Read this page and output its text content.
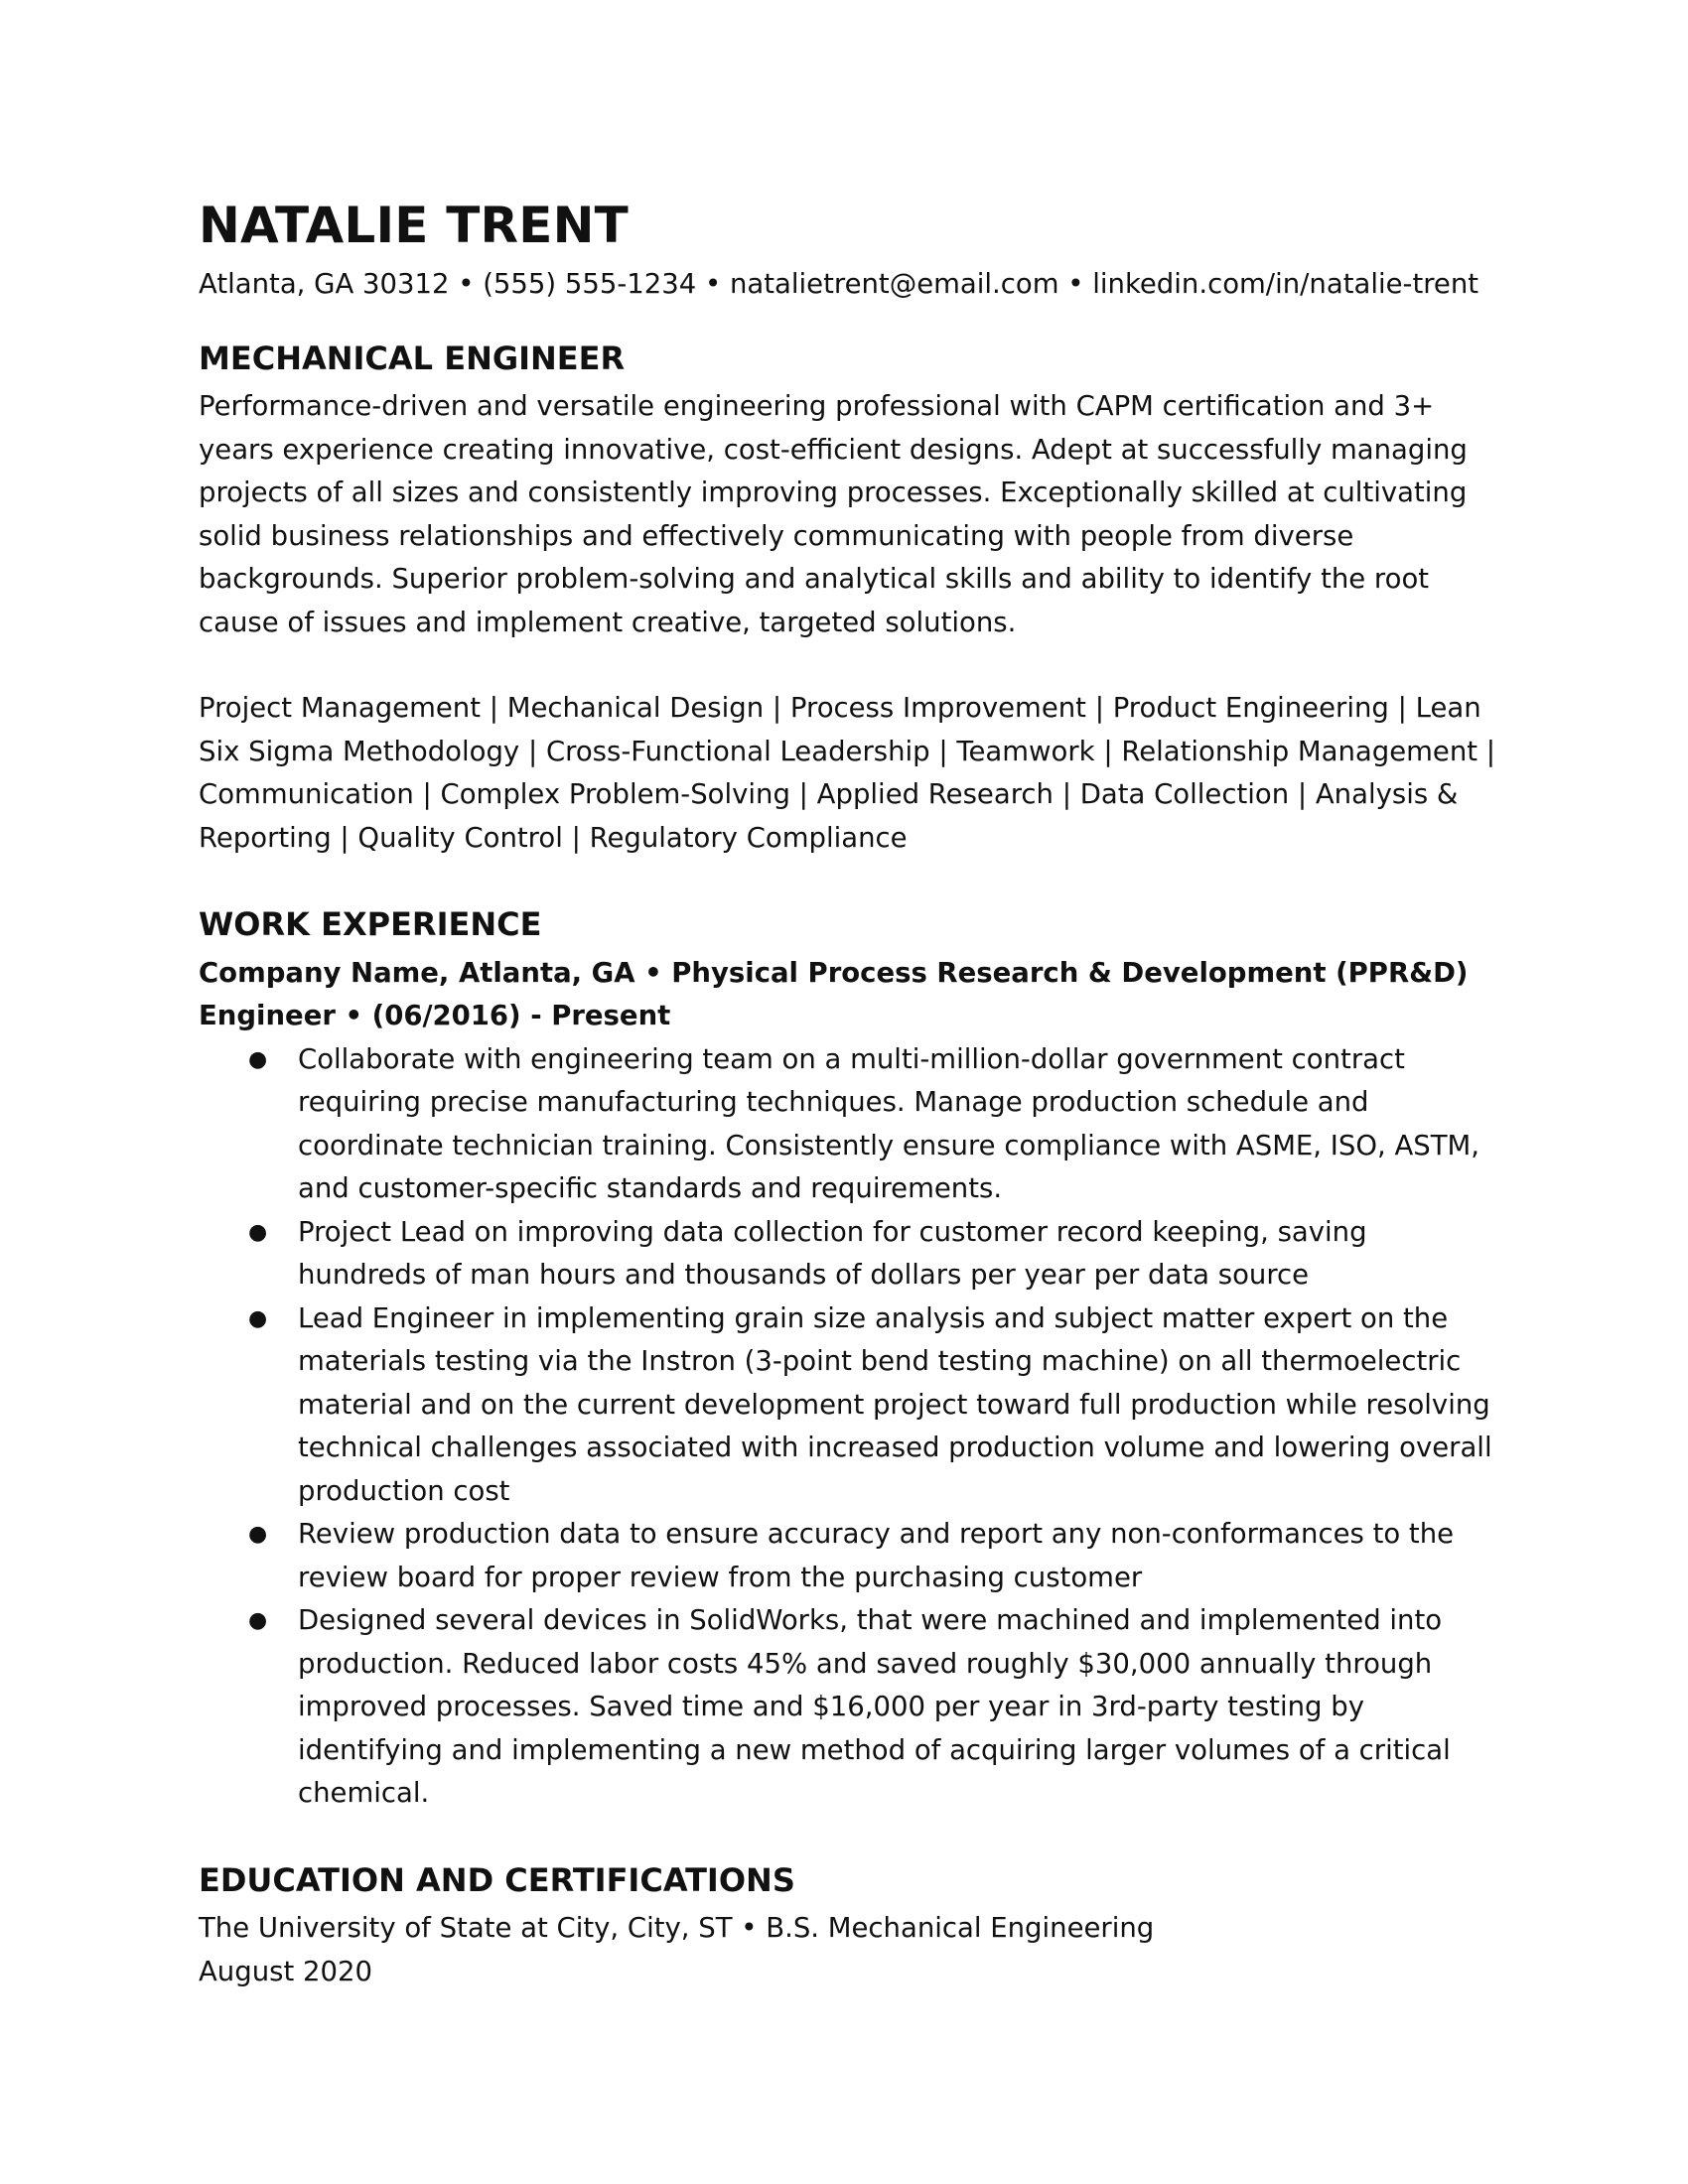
NATALIE TRENT
Atlanta, GA 30312 • (555) 555-1234 • natalietrent@email.com • linkedin.com/in/natalie-trent
MECHANICAL ENGINEER

Performance-driven and versatile engineering professional with CAPM certification and 3+ years experience creating innovative, cost-efficient designs. Adept at successfully managing projects of all sizes and consistently improving processes. Exceptionally skilled at cultivating solid business relationships and effectively communicating with people from diverse backgrounds. Superior problem-solving and analytical skills and ability to identify the root cause of issues and implement creative, targeted solutions.

Project Management | Mechanical Design | Process Improvement | Product Engineering | Lean Six Sigma Methodology | Cross-Functional Leadership | Teamwork | Relationship Management | Communication | Complex Problem-Solving | Applied Research | Data Collection | Analysis & Reporting | Quality Control | Regulatory Compliance

WORK EXPERIENCE
Company Name, Atlanta, GA • Physical Process Research & Development (PPR&D) Engineer • (06/2016) - Present
● Collaborate with engineering team on a multi-million-dollar government contract requiring precise manufacturing techniques. Manage production schedule and coordinate technician training. Consistently ensure compliance with ASME, ISO, ASTM, and customer-specific standards and requirements.
● Project Lead on improving data collection for customer record keeping, saving hundreds of man hours and thousands of dollars per year per data source
● Lead Engineer in implementing grain size analysis and subject matter expert on the materials testing via the Instron (3-point bend testing machine) on all thermoelectric material and on the current development project toward full production while resolving technical challenges associated with increased production volume and lowering overall production cost
● Review production data to ensure accuracy and report any non-conformances to the review board for proper review from the purchasing customer
● Designed several devices in SolidWorks, that were machined and implemented into production. Reduced labor costs 45% and saved roughly $30,000 annually through improved processes. Saved time and $16,000 per year in 3rd-party testing by identifying and implementing a new method of acquiring larger volumes of a critical chemical.
EDUCATION AND CERTIFICATIONS
The University of State at City, City, ST • B.S. Mechanical Engineering
August 2020
